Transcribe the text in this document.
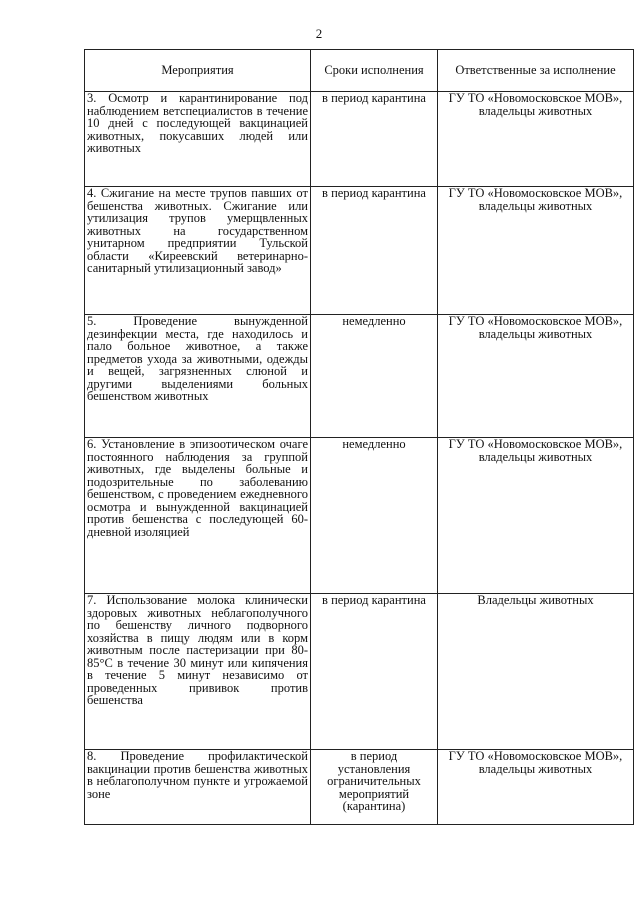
2
Мероприятия	Сроки исполнения	Ответственные за исполнение
3. Осмотр и карантинирование под наблюдением ветспециалистов в течение 10 дней с последующей вакцинацией животных, покусавших людей или животных	в период карантина	ГУ ТО «Новомосковское МОВ», владельцы животных
4. Сжигание на месте трупов павших от бешенства животных. Сжигание или утилизация трупов умерщвленных животных на государственном унитарном предприятии Тульской области «Киреевский ветеринарно-санитарный утилизационный завод»	в период карантина	ГУ ТО «Новомосковское МОВ», владельцы животных
5. Проведение вынужденной дезинфекции места, где находилось и пало больное животное, а также предметов ухода за животными, одежды и вещей, загрязненных слюной и другими выделениями больных бешенством животных	немедленно	ГУ ТО «Новомосковское МОВ», владельцы животных
6. Установление в эпизоотическом очаге постоянного наблюдения за группой животных, где выделены больные и подозрительные по заболеванию бешенством, с проведением ежедневного осмотра и вынужденной вакцинацией против бешенства с последующей 60-дневной изоляцией	немедленно	ГУ ТО «Новомосковское МОВ», владельцы животных
7. Использование молока клинически здоровых животных неблагополучного по бешенству личного подворного хозяйства в пищу людям или в корм животным после пастеризации при 80-85°С в течение 30 минут или кипячения в течение 5 минут независимо от проведенных прививок против бешенства	в период карантина	Владельцы животных
8. Проведение профилактической вакцинации против бешенства животных в неблагополучном пункте и угрожаемой зоне	в период установления ограничительных мероприятий (карантина)	ГУ ТО «Новомосковское МОВ», владельцы животных
